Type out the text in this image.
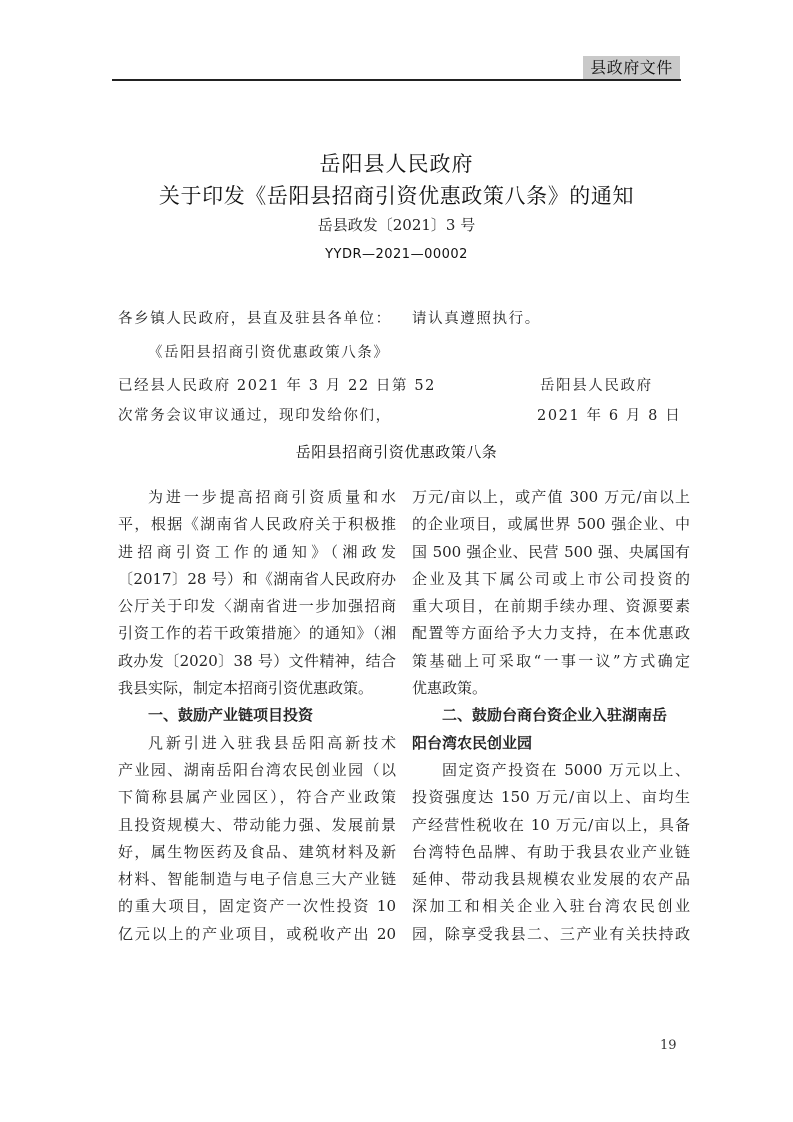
县政府文件
岳阳县人民政府
关于印发《岳阳县招商引资优惠政策八条》的通知
岳县政发〔2021〕3 号
YYDR—2021—00002
各乡镇人民政府，县直及驻县各单位：
《岳阳县招商引资优惠政策八条》
已经县人民政府 2021 年 3 月 22 日第 52
次常务会议审议通过，现印发给你们，
请认真遵照执行。
岳阳县人民政府
2021 年 6 月 8 日
岳阳县招商引资优惠政策八条
为进一步提高招商引资质量和水
平，根据《湖南省人民政府关于积极推
进招商引资工作的通知》（湘政发
〔2017〕28 号）和《湖南省人民政府办
公厅关于印发〈湖南省进一步加强招商
引资工作的若干政策措施〉的通知》（湘
政办发〔2020〕38 号）文件精神，结合
我县实际，制定本招商引资优惠政策。
一、鼓励产业链项目投资
凡新引进入驻我县岳阳高新技术
产业园、湖南岳阳台湾农民创业园（以
下简称县属产业园区），符合产业政策
且投资规模大、带动能力强、发展前景
好，属生物医药及食品、建筑材料及新
材料、智能制造与电子信息三大产业链
的重大项目，固定资产一次性投资 10
亿元以上的产业项目，或税收产出 20
万元/亩以上，或产值 300 万元/亩以上
的企业项目，或属世界 500 强企业、中
国 500 强企业、民营 500 强、央属国有
企业及其下属公司或上市公司投资的
重大项目，在前期手续办理、资源要素
配置等方面给予大力支持，在本优惠政
策基础上可采取“一事一议”方式确定
优惠政策。
二、鼓励台商台资企业入驻湖南岳
阳台湾农民创业园
固定资产投资在 5000 万元以上、
投资强度达 150 万元/亩以上、亩均生
产经营性税收在 10 万元/亩以上，具备
台湾特色品牌、有助于我县农业产业链
延伸、带动我县规模农业发展的农产品
深加工和相关企业入驻台湾农民创业
园，除享受我县二、三产业有关扶持政
19
